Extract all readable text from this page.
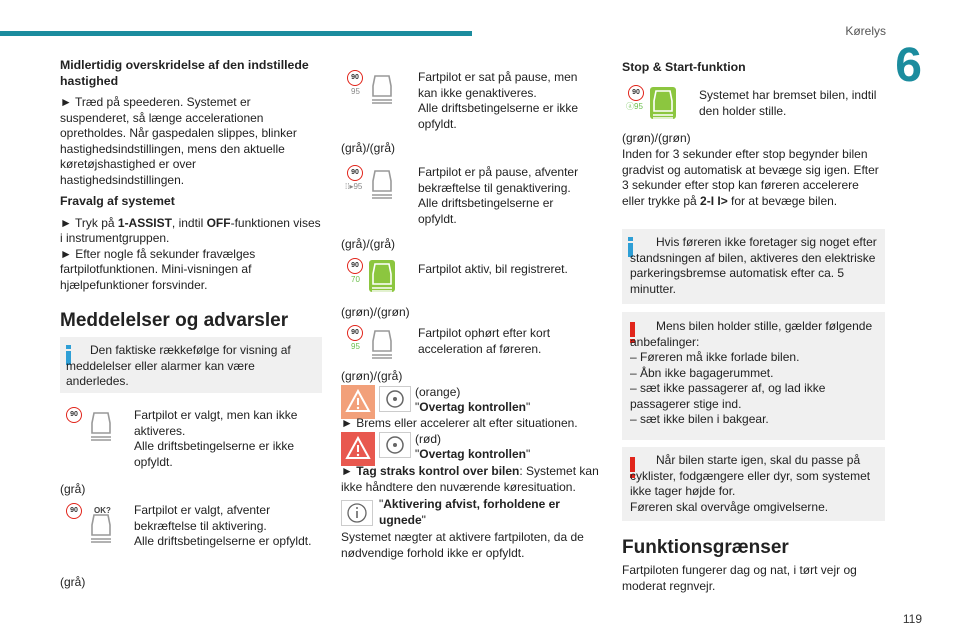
Kørelys
6
119

Midlertidig overskridelse af den indstillede hastighed

► Træd på speederen. Systemet er suspenderet, så længe accelerationen opretholdes. Når gaspedalen slippes, blinker hastighedsindstillingen, mens den aktuelle køretøjshastighed er over hastighedsindstillingen.

Fravalg af systemet

► Tryk på 1-ASSIST, indtil OFF-funktionen vises i instrumentgruppen.

► Efter nogle få sekunder fravælges fartpilotfunktionen. Mini-visningen af hjælpefunktioner forsvinder.

Meddelelser og advarsler
Den faktiske rækkefølge for visning af meddelelser eller alarmer kan være anderledes.
90	Fartpilot er valgt, men kan ikke aktiveres.
Alle driftsbetingelserne er ikke opfyldt.
(grå)
90	OK? Fartpilot er valgt, afventer bekræftelse til aktivering.
Alle driftsbetingelserne er opfyldt.
(grå)
90
95
Fartpilot er sat på pause, men kan ikke genaktiveres.
Alle driftsbetingelserne er ikke opfyldt.
(grå)/(grå)
90
⁞⁞▸95
Fartpilot er på pause, afventer bekræftelse til genaktivering.
Alle driftsbetingelserne er opfyldt.
(grå)/(grå)
90
70
Fartpilot aktiv, bil registreret.
(grøn)/(grøn)
90
95
Fartpilot ophørt efter kort acceleration af føreren.
(grøn)/(grå)
(orange)
"Overtag kontrollen"
► Brems eller accelerer alt efter situationen.
(rød)
"Overtag kontrollen"
► Tag straks kontrol over bilen: Systemet kan ikke håndtere den nuværende køresituation.
"Aktivering afvist, forholdene er ugnede"
Systemet nægter at aktivere fartpiloten, da de nødvendige forhold ikke er opfyldt.
Stop & Start-funktion
90
ⓐ95
Systemet har bremset bilen, indtil den holder stille.
(grøn)/(grøn)
Inden for 3 sekunder efter stop begynder bilen gradvist og automatisk at bevæge sig igen. Efter 3 sekunder efter stop kan føreren accelerere eller trykke på 2-I I> for at bevæge bilen.
Hvis føreren ikke foretager sig noget efter standsningen af bilen, aktiveres den elektriske parkeringsbremse automatisk efter ca. 5 minutter.
Mens bilen holder stille, gælder følgende anbefalinger:
– Føreren må ikke forlade bilen.
– Åbn ikke bagagerummet.
– sæt ikke passagerer af, og lad ikke passagerer stige ind.
– sæt ikke bilen i bakgear.
Når bilen starte igen, skal du passe på cyklister, fodgængere eller dyr, som systemet ikke tager højde for.
Føreren skal overvåge omgivelserne.
Funktionsgrænser
Fartpiloten fungerer dag og nat, i tørt vejr og moderat regnvejr.
